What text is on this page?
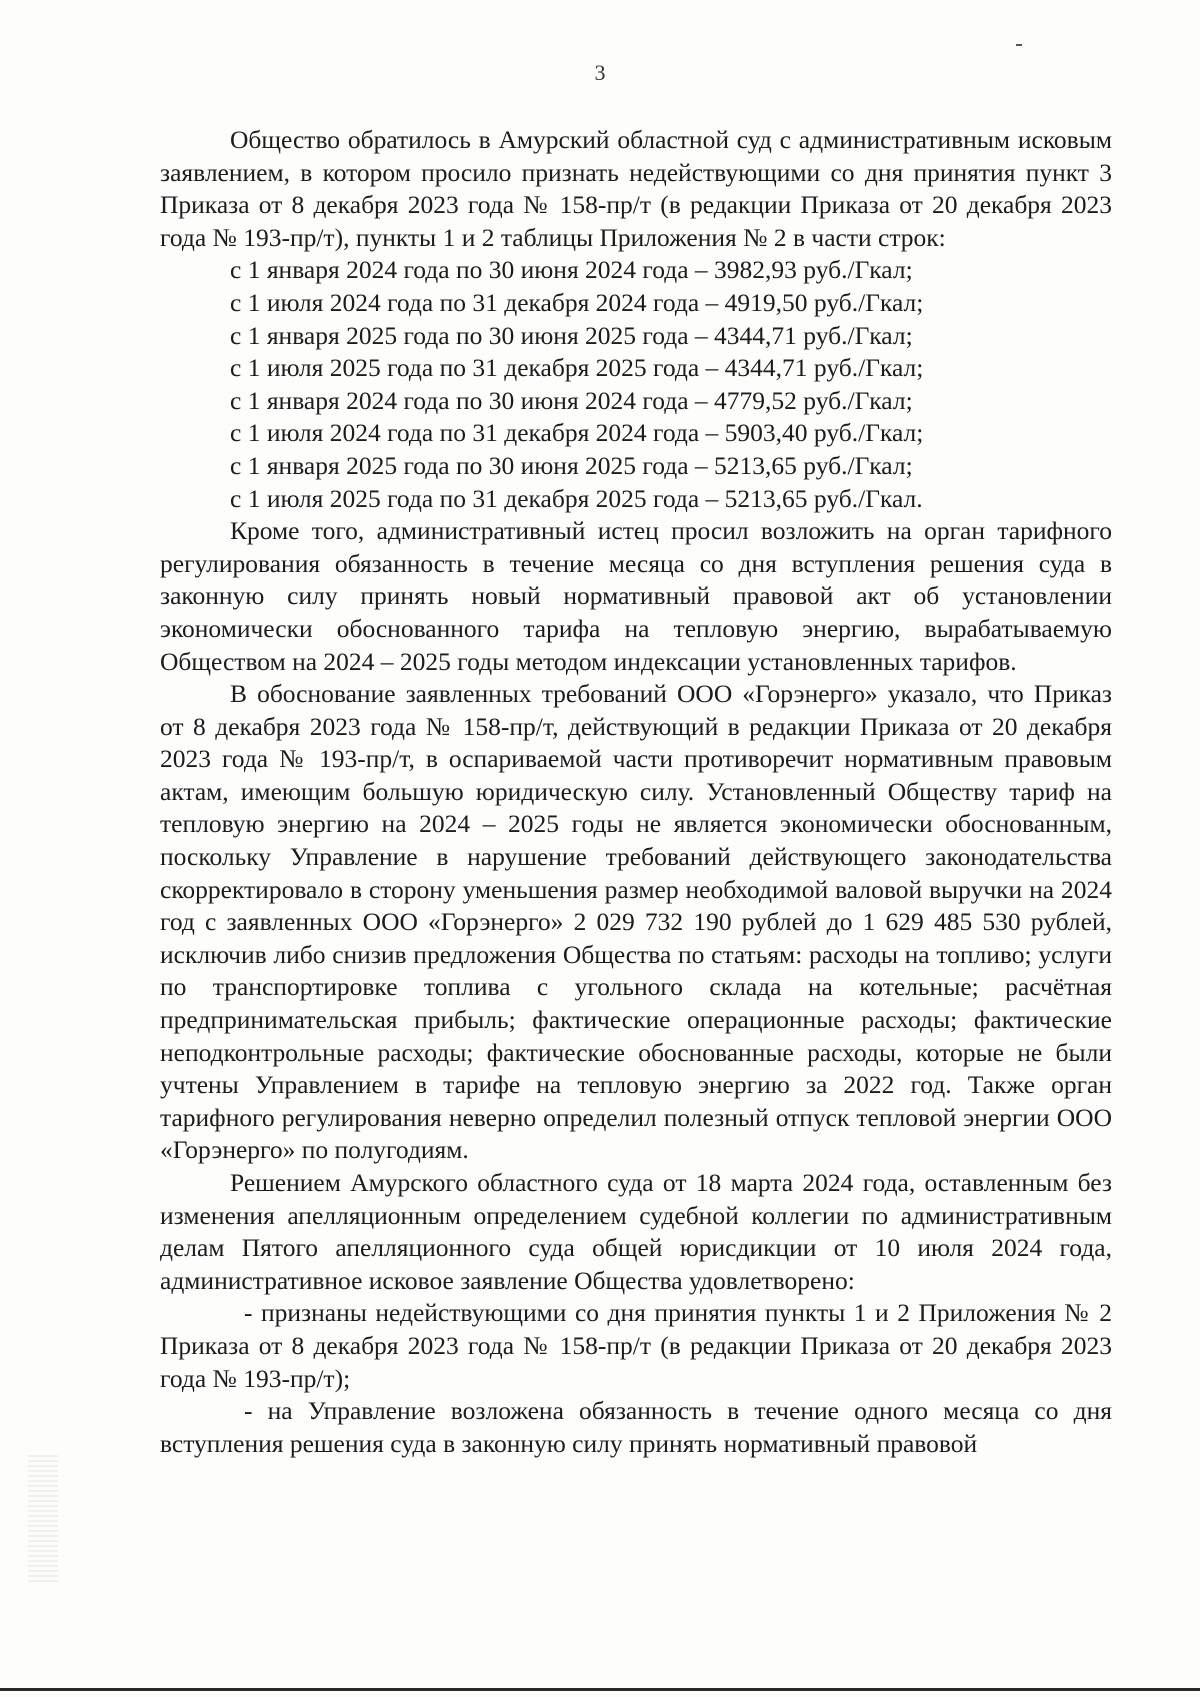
3

Общество обратилось в Амурский областной суд с административным исковым заявлением, в котором просило признать недействующими со дня принятия пункт 3 Приказа от 8 декабря 2023 года № 158-пр/т (в редакции Приказа от 20 декабря 2023 года № 193-пр/т), пункты 1 и 2 таблицы Приложения № 2 в части строк:

с 1 января 2024 года по 30 июня 2024 года – 3982,93 руб./Гкал;

с 1 июля 2024 года по 31 декабря 2024 года – 4919,50 руб./Гкал;

с 1 января 2025 года по 30 июня 2025 года – 4344,71 руб./Гкал;

с 1 июля 2025 года по 31 декабря 2025 года – 4344,71 руб./Гкал;

с 1 января 2024 года по 30 июня 2024 года – 4779,52 руб./Гкал;

с 1 июля 2024 года по 31 декабря 2024 года – 5903,40 руб./Гкал;

с 1 января 2025 года по 30 июня 2025 года – 5213,65 руб./Гкал;

с 1 июля 2025 года по 31 декабря 2025 года – 5213,65 руб./Гкал.

Кроме того, административный истец просил возложить на орган тарифного регулирования обязанность в течение месяца со дня вступления решения суда в законную силу принять новый нормативный правовой акт об установлении экономически обоснованного тарифа на тепловую энергию, вырабатываемую Обществом на 2024 – 2025 годы методом индексации установленных тарифов.

В обоснование заявленных требований ООО «Горэнерго» указало, что Приказ от 8 декабря 2023 года № 158-пр/т, действующий в редакции Приказа от 20 декабря 2023 года № 193-пр/т, в оспариваемой части противоречит нормативным правовым актам, имеющим большую юридическую силу. Установленный Обществу тариф на тепловую энергию на 2024 – 2025 годы не является экономически обоснованным, поскольку Управление в нарушение требований действующего законодательства скорректировало в сторону уменьшения размер необходимой валовой выручки на 2024 год с заявленных ООО «Горэнерго» 2 029 732 190 рублей до 1 629 485 530 рублей, исключив либо снизив предложения Общества по статьям: расходы на топливо; услуги по транспортировке топлива с угольного склада на котельные; расчётная предпринимательская прибыль; фактические операционные расходы; фактические неподконтрольные расходы; фактические обоснованные расходы, которые не были учтены Управлением в тарифе на тепловую энергию за 2022 год. Также орган тарифного регулирования неверно определил полезный отпуск тепловой энергии ООО «Горэнерго» по полугодиям.

Решением Амурского областного суда от 18 марта 2024 года, оставленным без изменения апелляционным определением судебной коллегии по административным делам Пятого апелляционного суда общей юрисдикции от 10 июля 2024 года, административное исковое заявление Общества удовлетворено:

- признаны недействующими со дня принятия пункты 1 и 2 Приложения № 2 Приказа от 8 декабря 2023 года № 158-пр/т (в редакции Приказа от 20 декабря 2023 года № 193-пр/т);

- на Управление возложена обязанность в течение одного месяца со дня вступления решения суда в законную силу принять нормативный правовой
